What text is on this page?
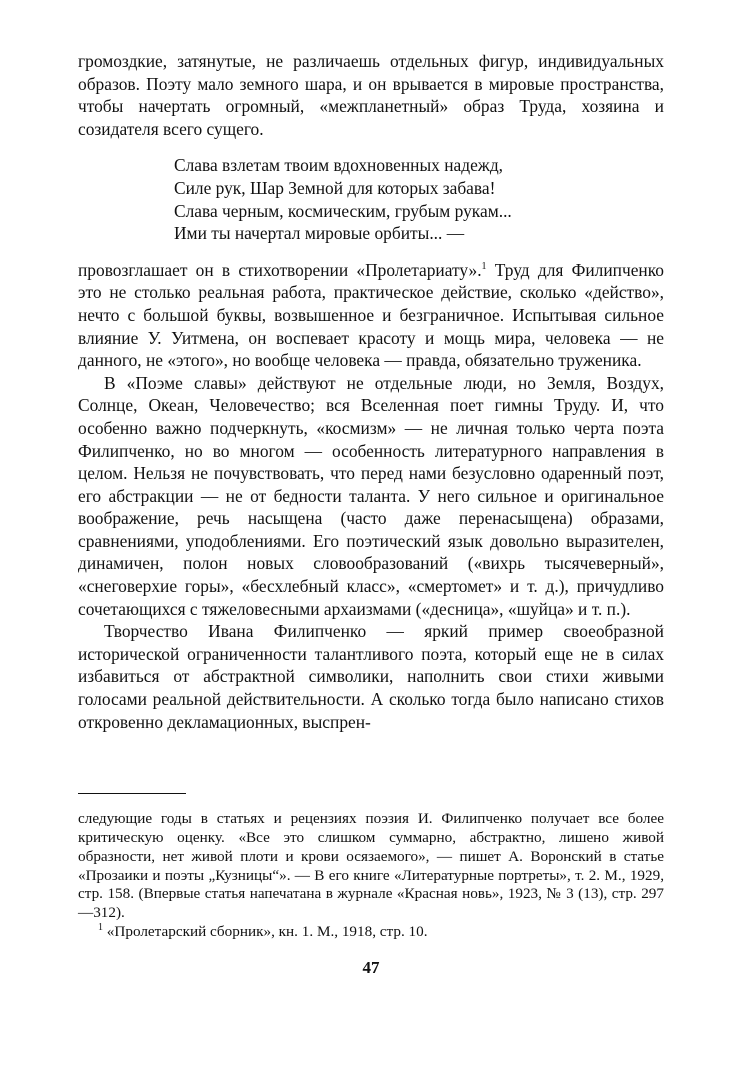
громоздкие, затянутые, не различаешь отдельных фигур, индивидуальных образов. Поэту мало земного шара, и он врывается в мировые пространства, чтобы начертать огромный, «межпланетный» образ Труда, хозяина и созидателя всего сущего.

Слава взлетам твоим вдохновенных надежд,
Силе рук, Шар Земной для которых забава!
Слава черным, космическим, грубым рукам...
Ими ты начертал мировые орбиты... —

провозглашает он в стихотворении «Пролетариату».$^1$ Труд для Филипченко это не столько реальная работа, практическое действие, сколько «действо», нечто с большой буквы, возвышенное и безграничное. Испытывая сильное влияние У. Уитмена, он воспевает красоту и мощь мира, человека — не данного, не «этого», но вообще человека — правда, обязательно труженика.

В «Поэме славы» действуют не отдельные люди, но Земля, Воздух, Солнце, Океан, Человечество; вся Вселенная поет гимны Труду. И, что особенно важно подчеркнуть, «космизм» — не личная только черта поэта Филипченко, но во многом — особенность литературного направления в целом. Нельзя не почувствовать, что перед нами безусловно одаренный поэт, его абстракции — не от бедности таланта. У него сильное и оригинальное воображение, речь насыщена (часто даже перенасыщена) образами, сравнениями, уподоблениями. Его поэтический язык довольно выразителен, динамичен, полон новых словообразований («вихрь тысячеверный», «снеговерхие горы», «бесхлебный класс», «смертомет» и т. д.), причудливо сочетающихся с тяжеловесными архаизмами («десница», «шуйца» и т. п.).

Творчество Ивана Филипченко — яркий пример своеобразной исторической ограниченности талантливого поэта, который еще не в силах избавиться от абстрактной символики, наполнить свои стихи живыми голосами реальной действительности. А сколько тогда было написано стихов откровенно декламационных, выспрен-

следующие годы в статьях и рецензиях поэзия И. Филипченко получает все более критическую оценку. «Все это слишком суммарно, абстрактно, лишено живой образности, нет живой плоти и крови осязаемого», — пишет А. Воронский в статье «Прозаики и поэты „Кузницы“». — В его книге «Литературные портреты», т. 2. М., 1929, стр. 158. (Впервые статья напечатана в журнале «Красная новь», 1923, № 3 (13), стр. 297—312).

$^1$ «Пролетарский сборник», кн. 1. М., 1918, стр. 10.

47
